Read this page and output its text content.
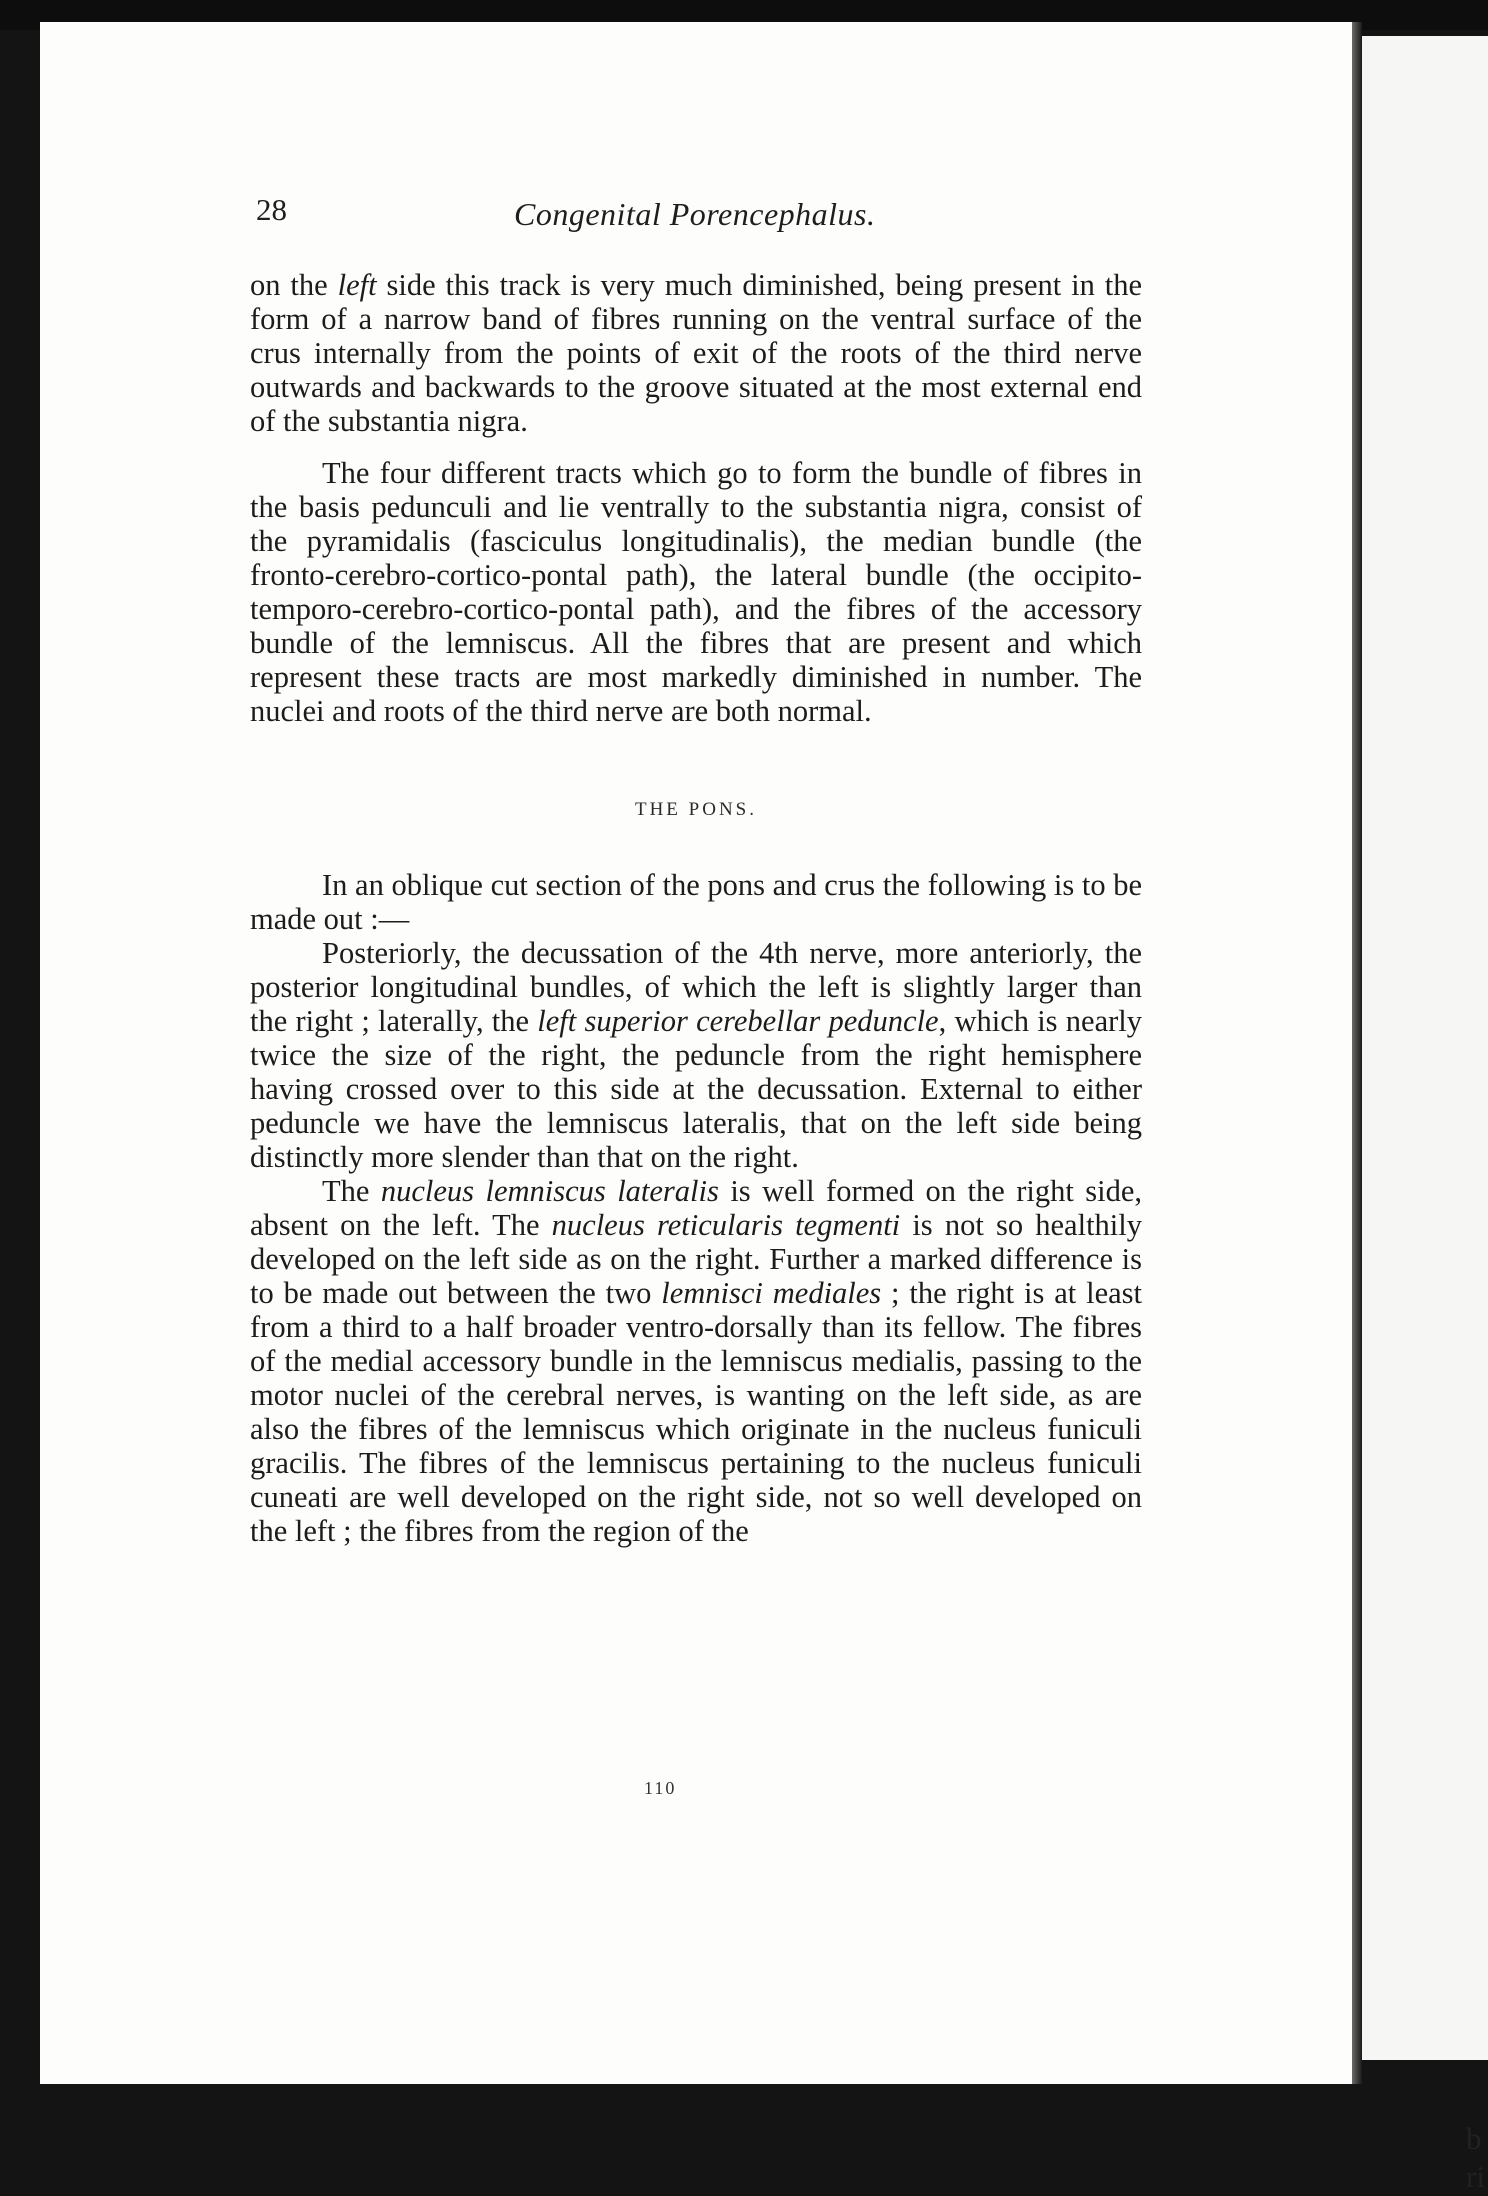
b
ri
28	Congenital Porencephalus.

on the left side this track is very much diminished, being present in the form of a narrow band of fibres running on the ventral surface of the crus internally from the points of exit of the roots of the third nerve outwards and backwards to the groove situated at the most external end of the substantia nigra.

The four different tracts which go to form the bundle of fibres in the basis pedunculi and lie ventrally to the substantia nigra, consist of the pyramidalis (fasciculus longitudinalis), the median bundle (the fronto-cerebro-cortico-pontal path), the lateral bundle (the occipito-temporo-cerebro-cortico-pontal path), and the fibres of the accessory bundle of the lemniscus. All the fibres that are present and which represent these tracts are most markedly diminished in number. The nuclei and roots of the third nerve are both normal.

THE PONS.

In an oblique cut section of the pons and crus the following is to be made out :—

Posteriorly, the decussation of the 4th nerve, more anteriorly, the posterior longitudinal bundles, of which the left is slightly larger than the right ; laterally, the left superior cerebellar peduncle, which is nearly twice the size of the right, the peduncle from the right hemisphere having crossed over to this side at the decussation. External to either peduncle we have the lemniscus lateralis, that on the left side being distinctly more slender than that on the right.

The nucleus lemniscus lateralis is well formed on the right side, absent on the left. The nucleus reticularis tegmenti is not so healthily developed on the left side as on the right. Further a marked difference is to be made out between the two lemnisci mediales ; the right is at least from a third to a half broader ventro-dorsally than its fellow. The fibres of the medial accessory bundle in the lemniscus medialis, passing to the motor nuclei of the cerebral nerves, is wanting on the left side, as are also the fibres of the lemniscus which originate in the nucleus funiculi gracilis. The fibres of the lemniscus pertaining to the nucleus funiculi cuneati are well developed on the right side, not so well developed on the left ; the fibres from the region of the

110
